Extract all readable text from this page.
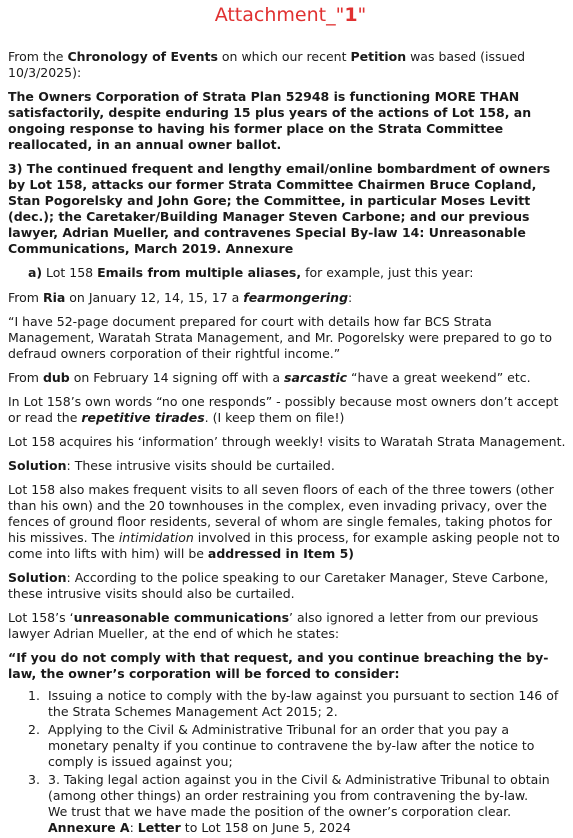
Attachment_"1"

From the Chronology of Events on which our recent Petition was based (issued 10/3/2025):

The Owners Corporation of Strata Plan 52948 is functioning MORE THAN satisfactorily, despite enduring 15 plus years of the actions of Lot 158, an ongoing response to having his former place on the Strata Committee reallocated, in an annual owner ballot.

3) The continued frequent and lengthy email/online bombardment of owners by Lot 158, attacks our former Strata Committee Chairmen Bruce Copland, Stan Pogorelsky and John Gore; the Committee, in particular Moses Levitt (dec.); the Caretaker/Building Manager Steven Carbone; and our previous lawyer, Adrian Mueller, and contravenes Special By-law 14: Unreasonable Communications, March 2019. Annexure

a) Lot 158 Emails from multiple aliases, for example, just this year:

From Ria on January 12, 14, 15, 17 a fearmongering:

“I have 52-page document prepared for court with details how far BCS Strata Management, Waratah Strata Management, and Mr. Pogorelsky were prepared to go to defraud owners corporation of their rightful income.”

From dub on February 14 signing off with a sarcastic “have a great weekend” etc.

In Lot 158’s own words “no one responds” - possibly because most owners don’t accept or read the repetitive tirades. (I keep them on file!)

Lot 158 acquires his ‘information’ through weekly! visits to Waratah Strata Management.

Solution: These intrusive visits should be curtailed.

Lot 158 also makes frequent visits to all seven floors of each of the three towers (other than his own) and the 20 townhouses in the complex, even invading privacy, over the fences of ground floor residents, several of whom are single females, taking photos for his missives. The intimidation involved in this process, for example asking people not to come into lifts with him) will be addressed in Item 5)

Solution: According to the police speaking to our Caretaker Manager, Steve Carbone, these intrusive visits should also be curtailed.

Lot 158’s ‘unreasonable communications’ also ignored a letter from our previous lawyer Adrian Mueller, at the end of which he states:

“If you do not comply with that request, and you continue breaching the by-law, the owner’s corporation will be forced to consider:

1. Issuing a notice to comply with the by-law against you pursuant to section 146 of the Strata Schemes Management Act 2015; 2.
2. Applying to the Civil & Administrative Tribunal for an order that you pay a monetary penalty if you continue to contravene the by-law after the notice to comply is issued against you;
3. 3. Taking legal action against you in the Civil & Administrative Tribunal to obtain (among other things) an order restraining you from contravening the by-law.
We trust that we have made the position of the owner’s corporation clear. Annexure A: Letter to Lot 158 on June 5, 2024
